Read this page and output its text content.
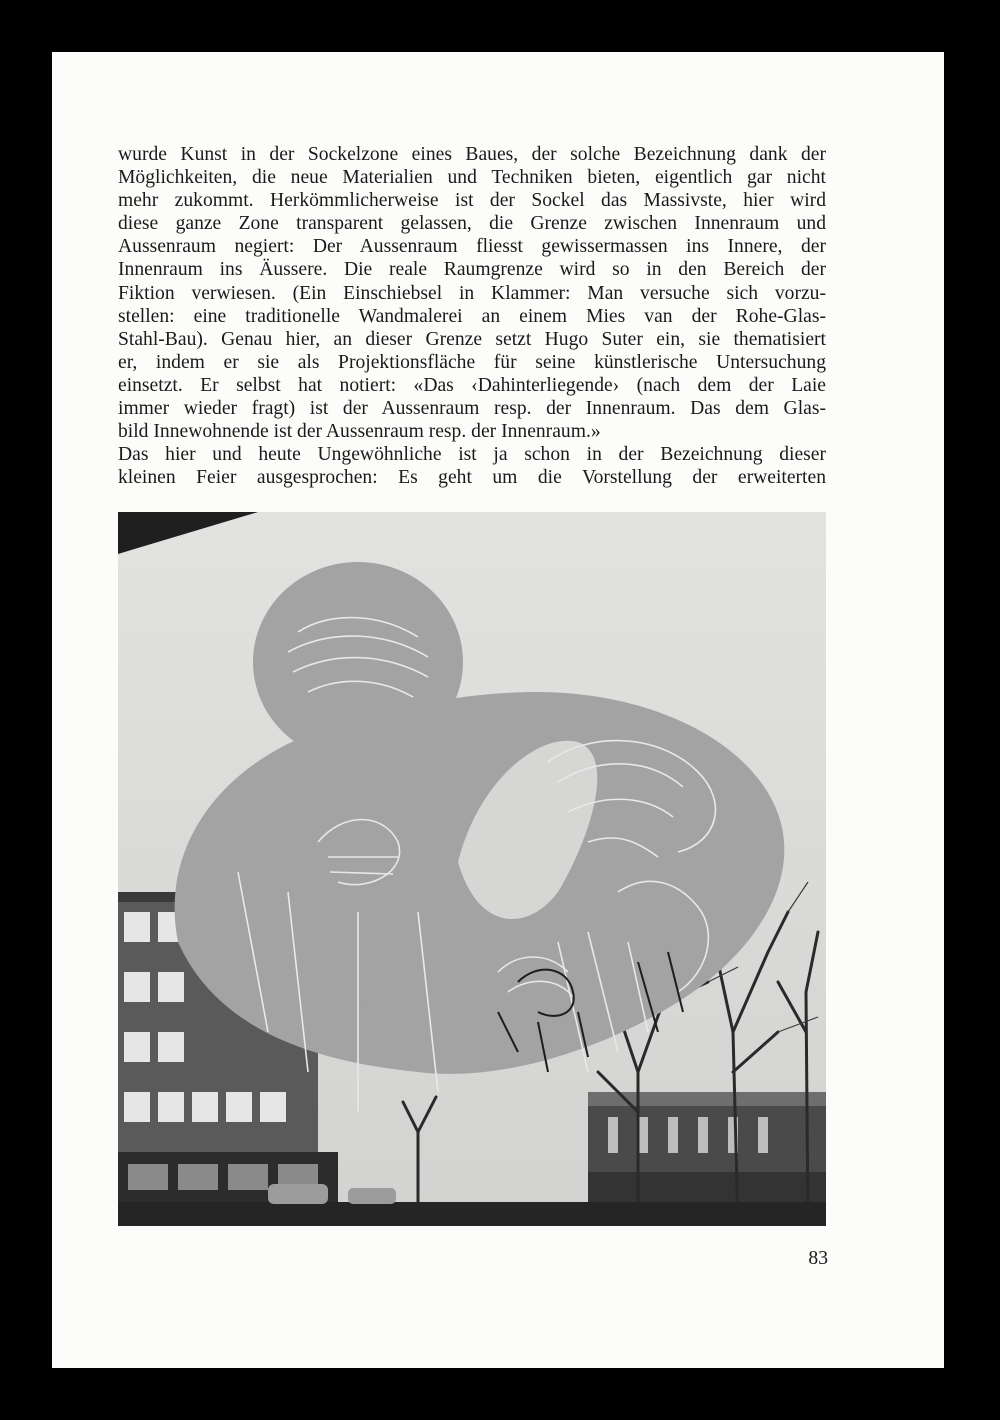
wurde Kunst in der Sockelzone eines Baues, der solche Bezeichnung dank der
Möglichkeiten, die neue Materialien und Techniken bieten, eigentlich gar nicht
mehr zukommt. Herkömmlicherweise ist der Sockel das Massivste, hier wird
diese ganze Zone transparent gelassen, die Grenze zwischen Innenraum und
Aussenraum negiert: Der Aussenraum fliesst gewissermassen ins Innere, der
Innenraum ins Äussere. Die reale Raumgrenze wird so in den Bereich der
Fiktion verwiesen. (Ein Einschiebsel in Klammer: Man versuche sich vorzu-
stellen: eine traditionelle Wandmalerei an einem Mies van der Rohe-Glas-
Stahl-Bau). Genau hier, an dieser Grenze setzt Hugo Suter ein, sie thematisiert
er, indem er sie als Projektionsfläche für seine künstlerische Untersuchung
einsetzt. Er selbst hat notiert: «Das ‹Dahinterliegende› (nach dem der Laie
immer wieder fragt) ist der Aussenraum resp. der Innenraum. Das dem Glas-
bild Innewohnende ist der Aussenraum resp. der Innenraum.»
Das hier und heute Ungewöhnliche ist ja schon in der Bezeichnung dieser
kleinen Feier ausgesprochen: Es geht um die Vorstellung der erweiterten
83
